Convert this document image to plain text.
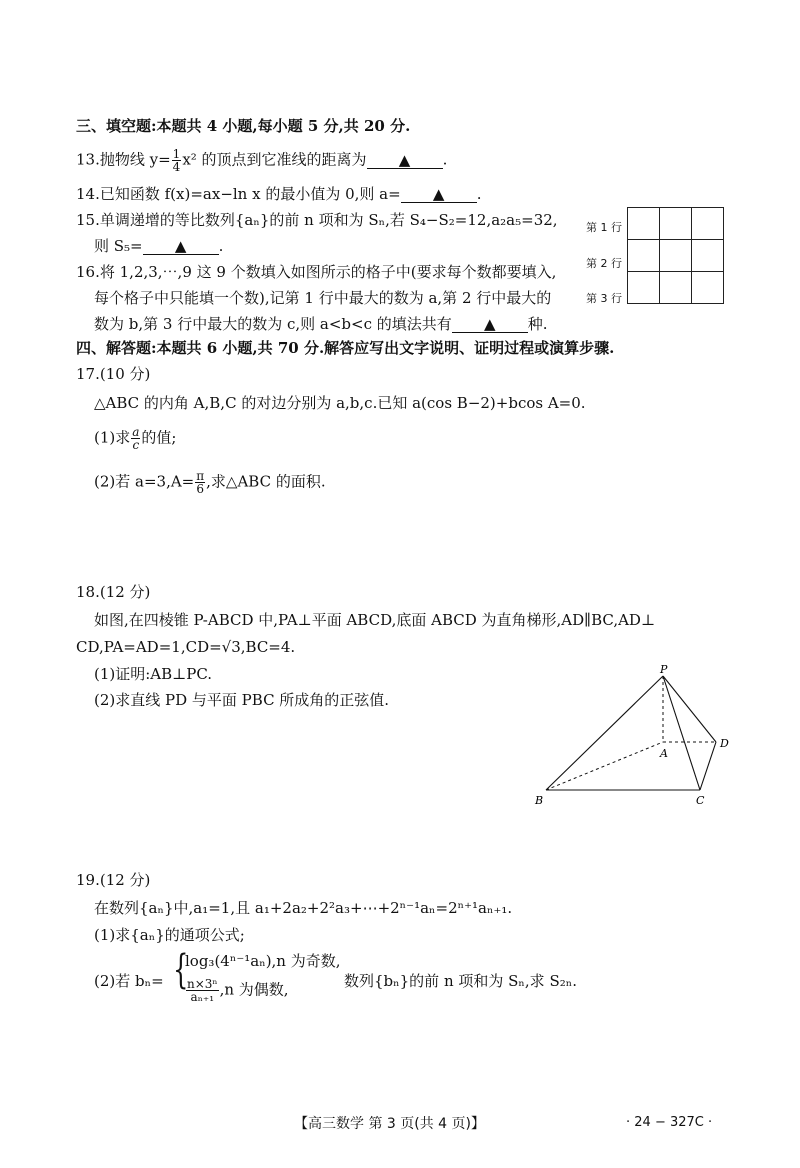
三、填空题:本题共 4 小题,每小题 5 分,共 20 分.
13.抛物线 $y= \frac{1}{4} x^2$ 的顶点到它准线的距离为 ▲ .
14.已知函数 f(x)=ax−ln x 的最小值为 0,则 a= ▲ .
15.单调递增的等比数列{aₙ}的前 n 项和为 Sₙ,若 S₄−S₂=12,a₂a₅=32,
则 S₅= ▲ .
16.将 1,2,3,⋯,9 这 9 个数填入如图所示的格子中(要求每个数都要填入,
每个格子中只能填一个数),记第 1 行中最大的数为 a,第 2 行中最大的
数为 b,第 3 行中最大的数为 c,则 a<b<c 的填法共有 ▲ 种.
第 1 行
第 2 行
第 3 行

四、解答题:本题共 6 小题,共 70 分.解答应写出文字说明、证明过程或演算步骤.
17.(10 分)
△ABC 的内角 A,B,C 的对边分别为 a,b,c.已知 a(cos B−2)+bcos A=0.
(1)求 $\frac{a}{c}$ 的值;
(2)若 $a=3,A= \frac{\pi}{6}$ ,求△ABC 的面积.
18.(12 分)
如图,在四棱锥 P-ABCD 中,PA⊥平面 ABCD,底面 ABCD 为直角梯形,AD∥BC,AD⊥
CD,PA=AD=1,CD=√3,BC=4.
(1)证明:AB⊥PC.
(2)求直线 PD 与平面 PBC 所成角的正弦值.
P
A
B	C
D
19.(12 分)
在数列{aₙ}中,a₁=1,且 a₁+2a₂+2²a₃+⋯+2ⁿ⁻¹aₙ=2ⁿ⁺¹aₙ₊₁.
(1)求{aₙ}的通项公式;
(2)若 bₙ= {
log₃(4ⁿ⁻¹aₙ),n 为奇数,
$\frac{\text{n×3ⁿ}}{\text{aₙ₊₁}} ,n$ 为偶数,	数列{bₙ}的前 n 项和为 Sₙ,求 S₂ₙ.
【高三数学 第 3 页(共 4 页)】	· 24 − 327C ·
